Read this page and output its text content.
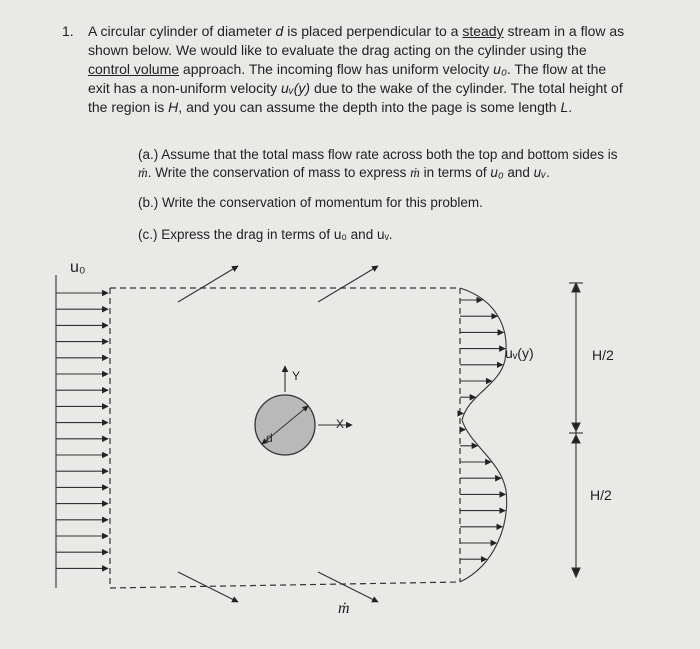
1. A circular cylinder of diameter d is placed perpendicular to a steady stream in a flow as
shown below. We would like to evaluate the drag acting on the cylinder using the
control volume approach. The incoming flow has uniform velocity u₀. The flow at the
exit has a non-uniform velocity uᵥ(y) due to the wake of the cylinder. The total height of
the region is H, and you can assume the depth into the page is some length L.
(a.) Assume that the total mass flow rate across both the top and bottom sides is
ṁ. Write the conservation of mass to express ṁ in terms of u₀ and uᵥ.
(b.) Write the conservation of momentum for this problem.
(c.) Express the drag in terms of u₀ and uᵥ.
u₀
uᵥ(y)	H/2
H/2
Y
X
d
ṁ
